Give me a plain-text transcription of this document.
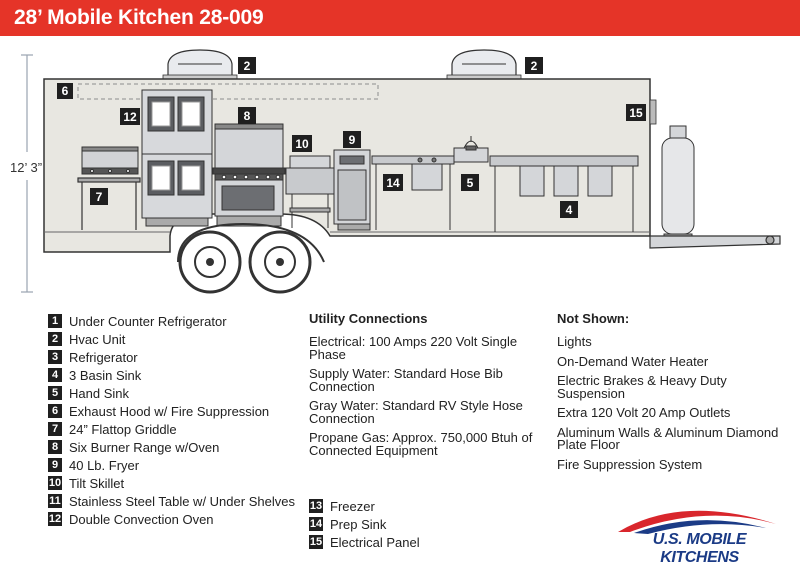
28’ Mobile Kitchen 28-009
12’ 3”
2	2
6
12	8
10	9
7
14	5
4
15
1 Under Counter Refrigerator
2 Hvac Unit
3 Refrigerator
4 3 Basin Sink
5 Hand Sink
6 Exhaust Hood w/ Fire Suppression
7 24” Flattop Griddle
8 Six Burner Range w/Oven
9 40 Lb. Fryer
10 Tilt Skillet
11 Stainless Steel Table w/ Under Shelves
12 Double Convection Oven
Utility Connections
Electrical: 100 Amps 220 Volt Single Phase
Supply Water: Standard Hose Bib Connection
Gray Water: Standard RV Style Hose Connection
Propane Gas: Approx. 750,000 Btuh of Connected Equipment
13 Freezer
14 Prep Sink
15 Electrical Panel
Not Shown:
Lights
On-Demand Water Heater
Electric Brakes & Heavy Duty Suspension
Extra 120 Volt 20 Amp Outlets
Aluminum Walls & Aluminum Diamond Plate Floor
Fire Suppression System
U.S. MOBILE KITCHENS
